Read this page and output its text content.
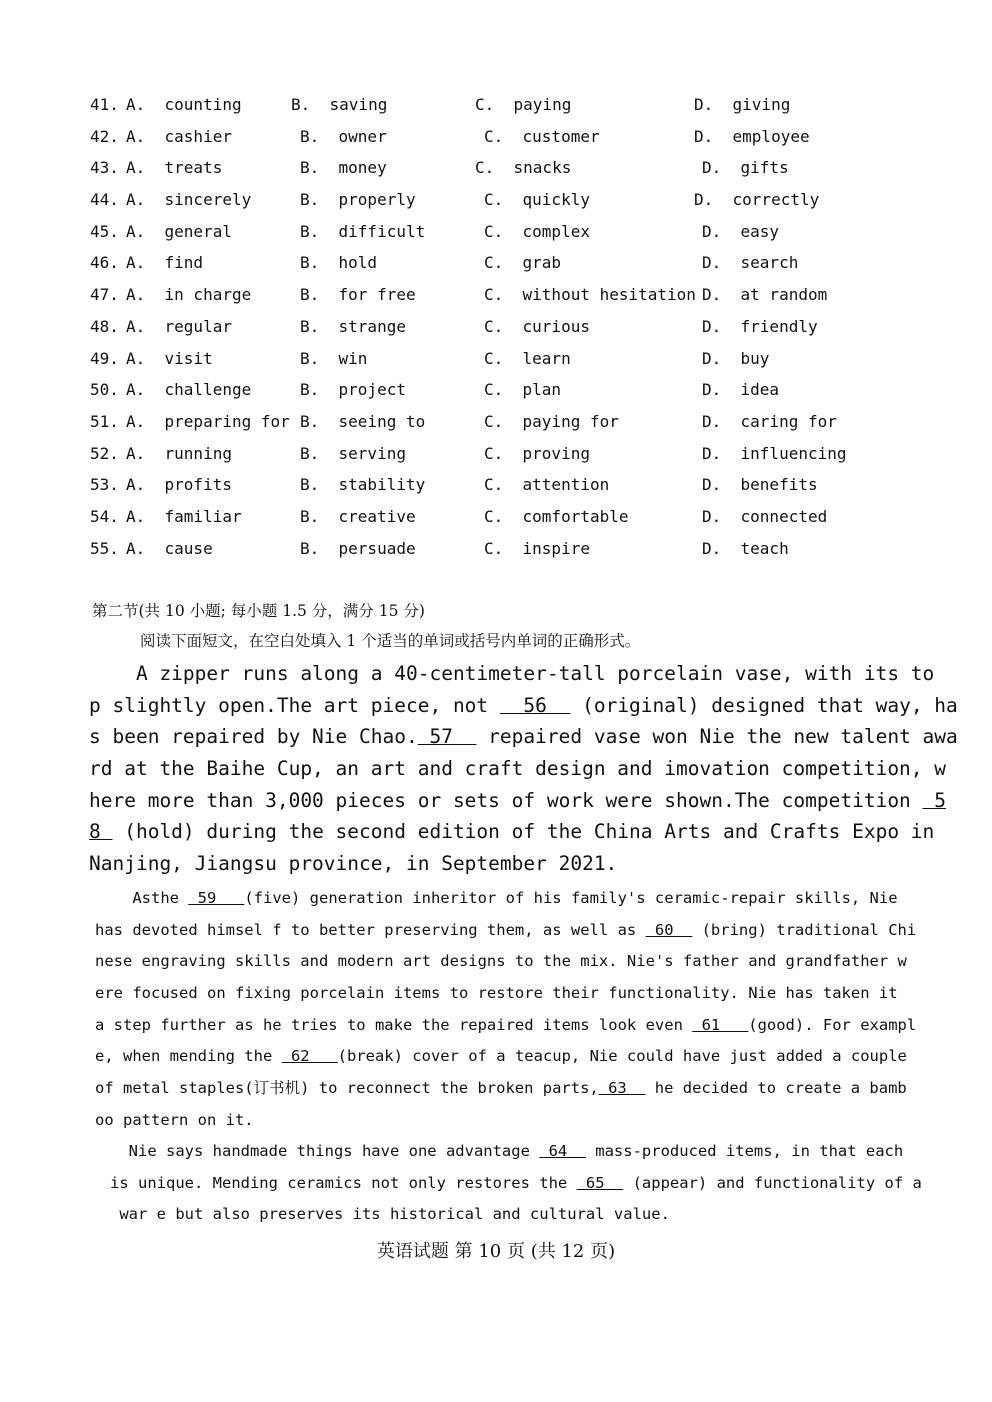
41. A.  counting	B.  saving	C.  paying	D.  giving
42. A.  cashier	B.  owner	C.  customer	D.  employee
43. A.  treats	B.  money	C.  snacks	D.  gifts
44. A.  sincerely	B.  properly	C.  quickly	D.  correctly
45. A.  general	B.  difficult	C.  complex	D.  easy
46. A.  find	B.  hold	C.  grab	D.  search
47. A.  in charge	B.  for free	C.  without hesitation D.  at random
48. A.  regular	B.  strange	C.  curious	D.  friendly
49. A.  visit	B.  win	C.  learn	D.  buy
50. A.  challenge	B.  project	C.  plan	D.  idea
51. A.  preparing for B.  seeing to	C.  paying for	D.  caring for
52. A.  running	B.  serving	C.  proving	D.  influencing
53. A.  profits	B.  stability	C.  attention	D.  benefits
54. A.  familiar	B.  creative	C.  comfortable	D.  connected
55. A.  cause	B.  persuade	C.  inspire	D.  teach
第二节(共 10 小题; 每小题 1.5 分，满分 15 分)
阅读下面短文，在空白处填入 1 个适当的单词或括号内单词的正确形式。
A zipper runs along a 40-centimeter-tall porcelain vase, with its to
p slightly open.The art piece, not   56   (original) designed that way, ha
s been repaired by Nie Chao. 57   repaired vase won Nie the new talent awa
rd at the Baihe Cup, an art and craft design and imovation competition, w
here more than 3,000 pieces or sets of work were shown.The competition  5
8  (hold) during the second edition of the China Arts and Crafts Expo in
Nanjing, Jiangsu province, in September 2021.
Asthe  59   (five) generation inheritor of his family's ceramic-repair skills, Nie
has devoted himsel f to better preserving them, as well as  60   (bring) traditional Chi
nese engraving skills and modern art designs to the mix. Nie's father and grandfather w
ere focused on fixing porcelain items to restore their functionality. Nie has taken it
a step further as he tries to make the repaired items look even  61   (good). For exampl
e, when mending the  62   (break) cover of a teacup, Nie could have just added a couple
of metal staples(订书机) to reconnect the broken parts, 63   he decided to create a bamb
oo pattern on it.
Nie says handmade things have one advantage  64   mass-produced items, in that each
is unique. Mending ceramics not only restores the  65   (appear) and functionality of a
war e but also preserves its historical and cultural value.
英语试题 第 10 页 (共 12 页)
